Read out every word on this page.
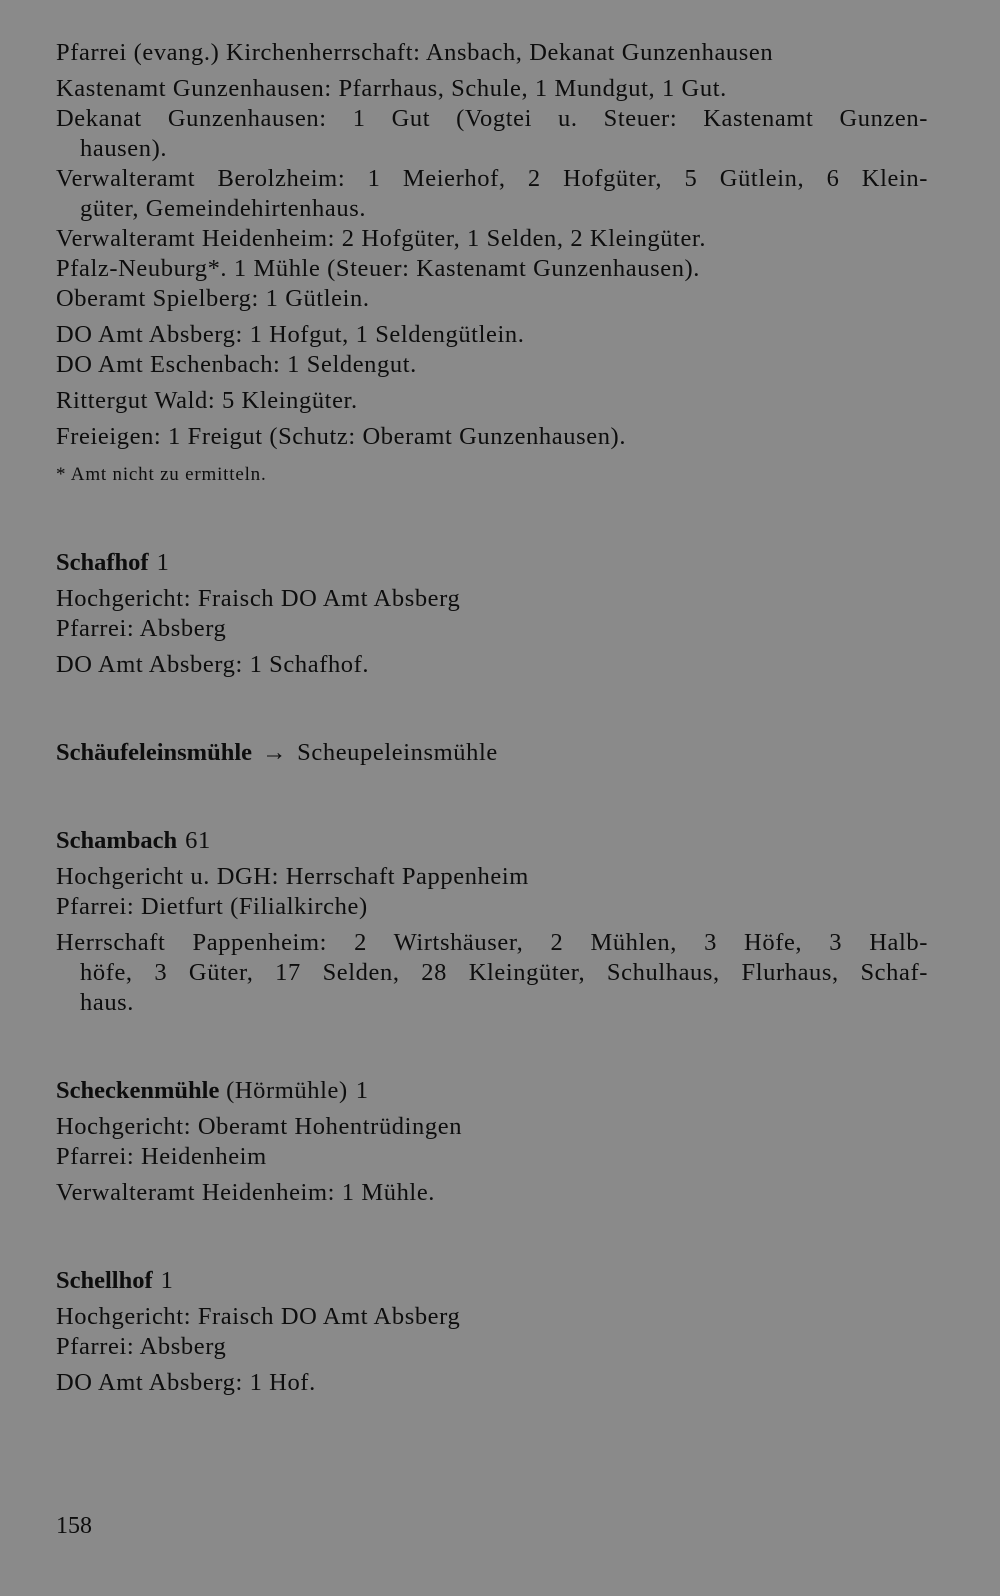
Pfarrei (evang.) Kirchenherrschaft: Ansbach, Dekanat Gunzenhausen
Kastenamt Gunzenhausen: Pfarrhaus, Schule, 1 Mundgut, 1 Gut.
Dekanat Gunzenhausen: 1 Gut (Vogtei u. Steuer: Kastenamt Gunzen-
hausen).
Verwalteramt Berolzheim: 1 Meierhof, 2 Hofgüter, 5 Gütlein, 6 Klein-
güter, Gemeindehirtenhaus.
Verwalteramt Heidenheim: 2 Hofgüter, 1 Selden, 2 Kleingüter.
Pfalz-Neuburg*. 1 Mühle (Steuer: Kastenamt Gunzenhausen).
Oberamt Spielberg: 1 Gütlein.
DO Amt Absberg: 1 Hofgut, 1 Seldengütlein.
DO Amt Eschenbach: 1 Seldengut.
Rittergut Wald: 5 Kleingüter.
Freieigen: 1 Freigut (Schutz: Oberamt Gunzenhausen).
* Amt nicht zu ermitteln.
Schafhof 1
Hochgericht: Fraisch DO Amt Absberg
Pfarrei: Absberg
DO Amt Absberg: 1 Schafhof.
Schäufeleinsmühle → Scheupeleinsmühle
Schambach 61
Hochgericht u. DGH: Herrschaft Pappenheim
Pfarrei: Dietfurt (Filialkirche)
Herrschaft Pappenheim: 2 Wirtshäuser, 2 Mühlen, 3 Höfe, 3 Halb-
höfe, 3 Güter, 17 Selden, 28 Kleingüter, Schulhaus, Flurhaus, Schaf-
haus.
Scheckenmühle (Hörmühle) 1
Hochgericht: Oberamt Hohentrüdingen
Pfarrei: Heidenheim
Verwalteramt Heidenheim: 1 Mühle.
Schellhof 1
Hochgericht: Fraisch DO Amt Absberg
Pfarrei: Absberg
DO Amt Absberg: 1 Hof.
158
